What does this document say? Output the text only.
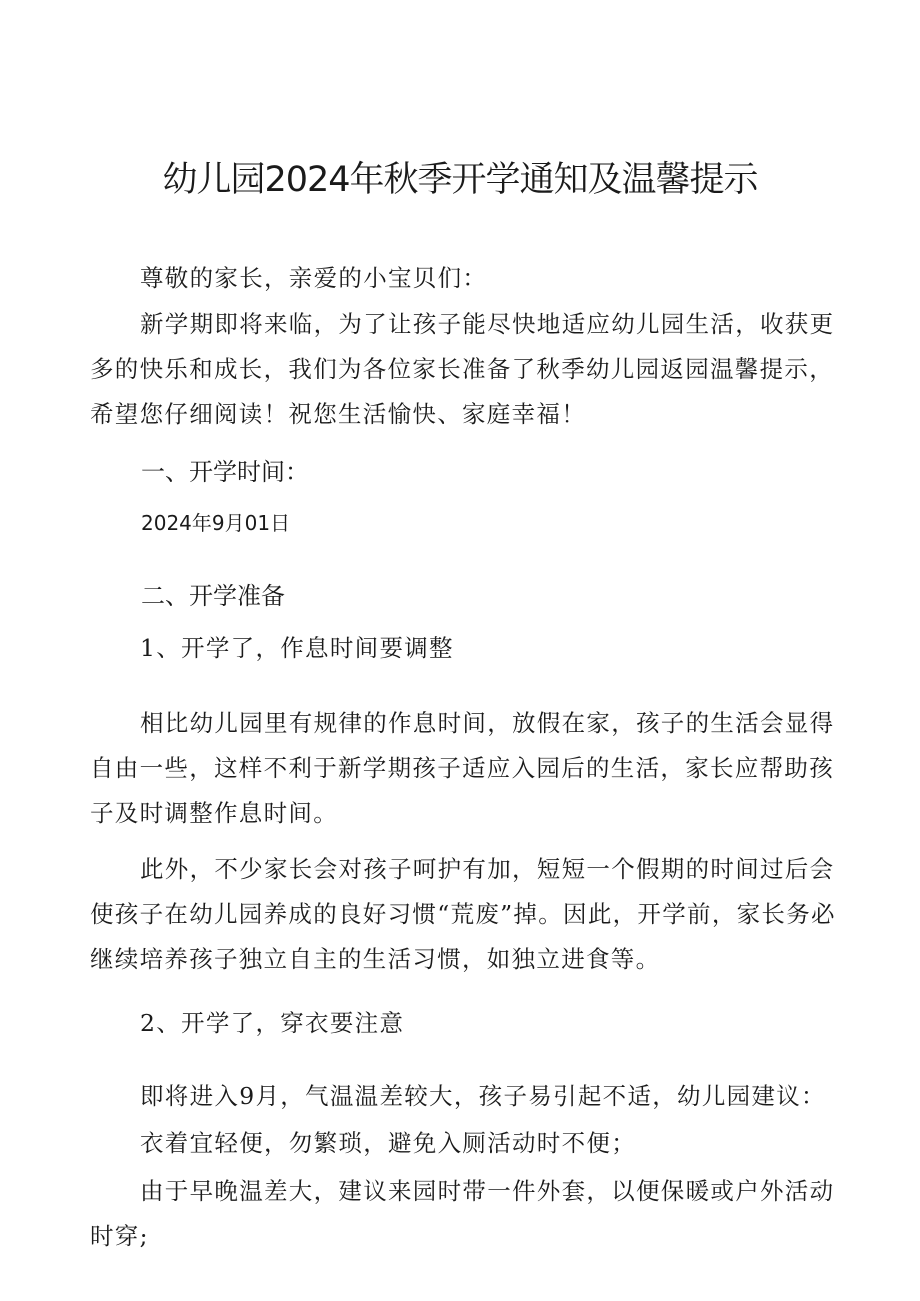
幼儿园2024年秋季开学通知及温馨提示

尊敬的家长，亲爱的小宝贝们：

新学期即将来临，为了让孩子能尽快地适应幼儿园生活，收获更多的快乐和成长，我们为各位家长准备了秋季幼儿园返园温馨提示，希望您仔细阅读！祝您生活愉快、家庭幸福！

一、开学时间：

2024年9月01日

二、开学准备

1、开学了，作息时间要调整

相比幼儿园里有规律的作息时间，放假在家，孩子的生活会显得自由一些，这样不利于新学期孩子适应入园后的生活，家长应帮助孩子及时调整作息时间。

此外，不少家长会对孩子呵护有加，短短一个假期的时间过后会使孩子在幼儿园养成的良好习惯“荒废”掉。因此，开学前，家长务必继续培养孩子独立自主的生活习惯，如独立进食等。

2、开学了，穿衣要注意

即将进入9月，气温温差较大，孩子易引起不适，幼儿园建议：

衣着宜轻便，勿繁琐，避免入厕活动时不便；

由于早晚温差大，建议来园时带一件外套，以便保暖或户外活动时穿;
